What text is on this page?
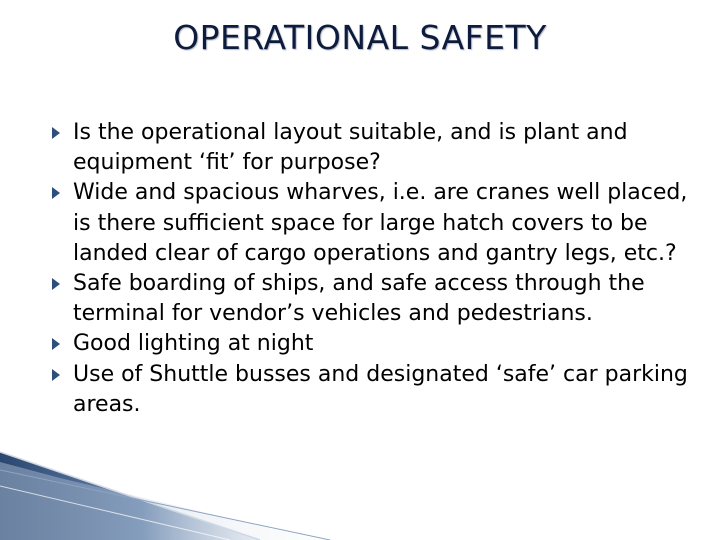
OPERATIONAL SAFETY
Is the operational layout suitable, and is plant and equipment ‘fit’ for purpose?
Wide and spacious wharves, i.e. are cranes well placed, is there sufficient space for large hatch covers to be landed clear of cargo operations and gantry legs, etc.?
Safe boarding of ships, and safe access through the terminal for vendor’s vehicles and pedestrians.
Good lighting at night
Use of Shuttle busses and designated ‘safe’ car parking areas.
